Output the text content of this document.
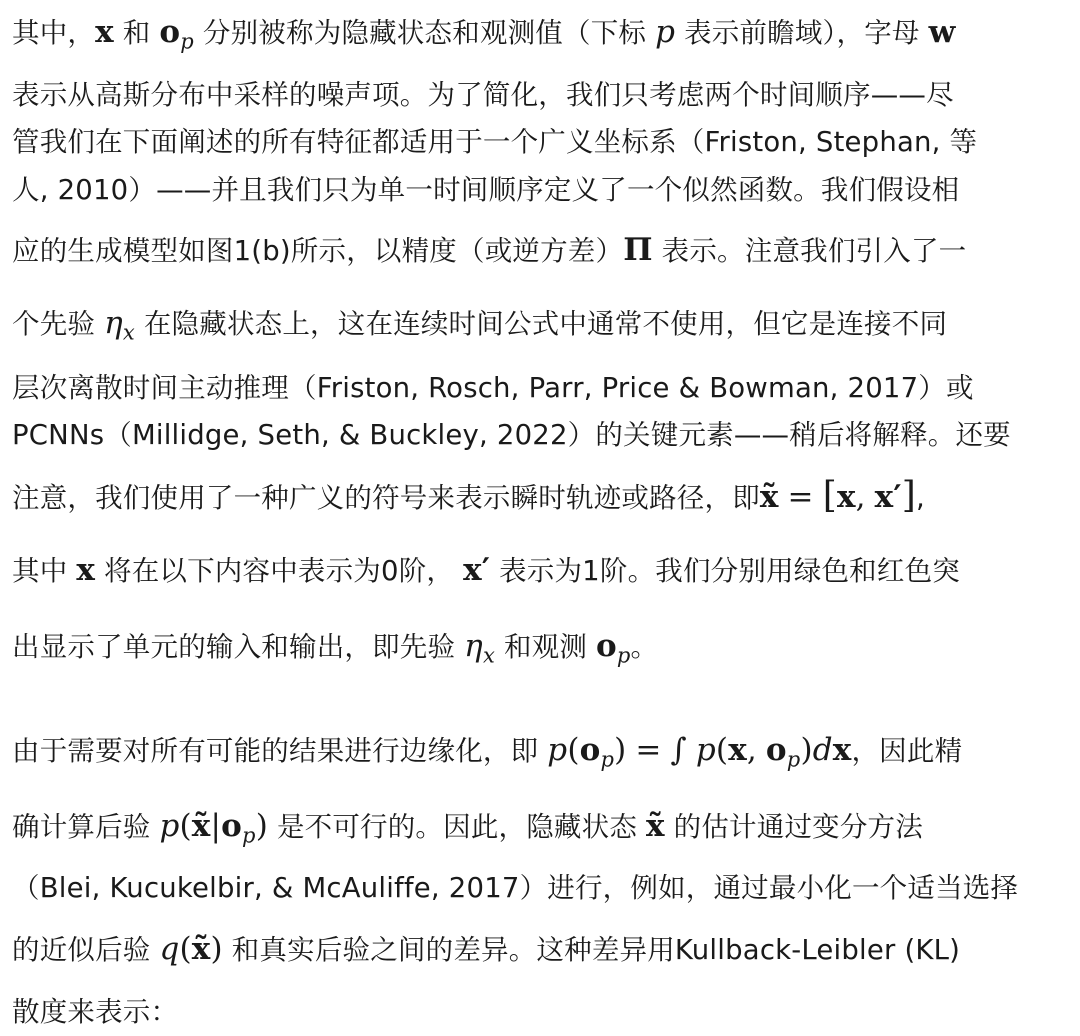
其中，x 和 $o_p$ 分别被称为隐藏状态和观测值（下标 p 表示前瞻域），字母 w
表示从高斯分布中采样的噪声项。为了简化，我们只考虑两个时间顺序——尽
管我们在下面阐述的所有特征都适用于一个广义坐标系（Friston, Stephan, 等
人, 2010）——并且我们只为单一时间顺序定义了一个似然函数。我们假设相
应的生成模型如图1(b)所示，以精度（或逆方差）Π 表示。注意我们引入了一
个先验 $\eta_x$ 在隐藏状态上，这在连续时间公式中通常不使用，但它是连接不同
层次离散时间主动推理（Friston, Rosch, Parr, Price & Bowman, 2017）或
PCNNs（Millidge, Seth, & Buckley, 2022）的关键元素——稍后将解释。还要
注意，我们使用了一种广义的符号来表示瞬时轨迹或路径，即x̃ = [x, x′],
其中 x 将在以下内容中表示为0阶， x′ 表示为1阶。我们分别用绿色和红色突
出显示了单元的输入和输出，即先验 $\eta_x$ 和观测 $o_p$。
由于需要对所有可能的结果进行边缘化，即 $p(o_p)$ = ∫ p(x, $o_p)dx$，因此精
确计算后验 $p(x̃|o_p)$ 是不可行的。因此，隐藏状态 x̃ 的估计通过变分方法
（Blei, Kucukelbir, & McAuliffe, 2017）进行，例如，通过最小化一个适当选择
的近似后验 q(x̃) 和真实后验之间的差异。这种差异用Kullback-Leibler (KL)
散度来表示：
